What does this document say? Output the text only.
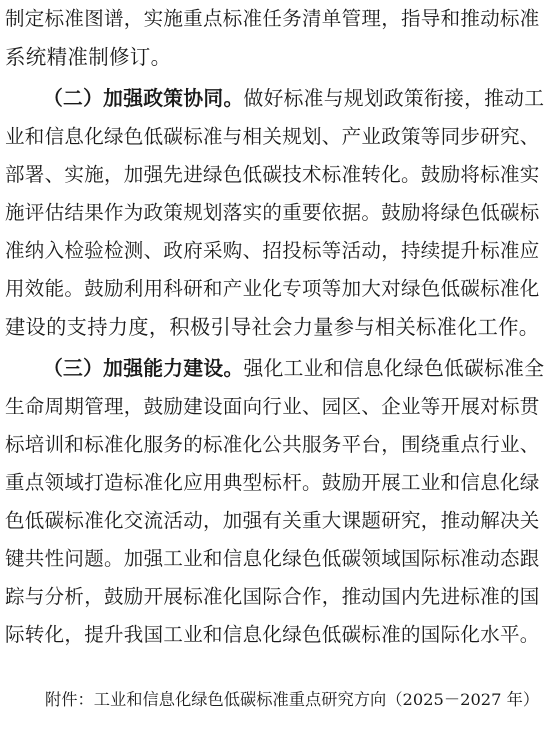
制定标准图谱，实施重点标准任务清单管理，指导和推动标准
系统精准制修订。
（二）加强政策协同。做好标准与规划政策衔接，推动工
业和信息化绿色低碳标准与相关规划、产业政策等同步研究、
部署、实施，加强先进绿色低碳技术标准转化。鼓励将标准实
施评估结果作为政策规划落实的重要依据。鼓励将绿色低碳标
准纳入检验检测、政府采购、招投标等活动，持续提升标准应
用效能。鼓励利用科研和产业化专项等加大对绿色低碳标准化
建设的支持力度，积极引导社会力量参与相关标准化工作。
（三）加强能力建设。强化工业和信息化绿色低碳标准全
生命周期管理，鼓励建设面向行业、园区、企业等开展对标贯
标培训和标准化服务的标准化公共服务平台，围绕重点行业、
重点领域打造标准化应用典型标杆。鼓励开展工业和信息化绿
色低碳标准化交流活动，加强有关重大课题研究，推动解决关
键共性问题。加强工业和信息化绿色低碳领域国际标准动态跟
踪与分析，鼓励开展标准化国际合作，推动国内先进标准的国
际转化，提升我国工业和信息化绿色低碳标准的国际化水平。
附件：工业和信息化绿色低碳标准重点研究方向（2025－2027 年）
